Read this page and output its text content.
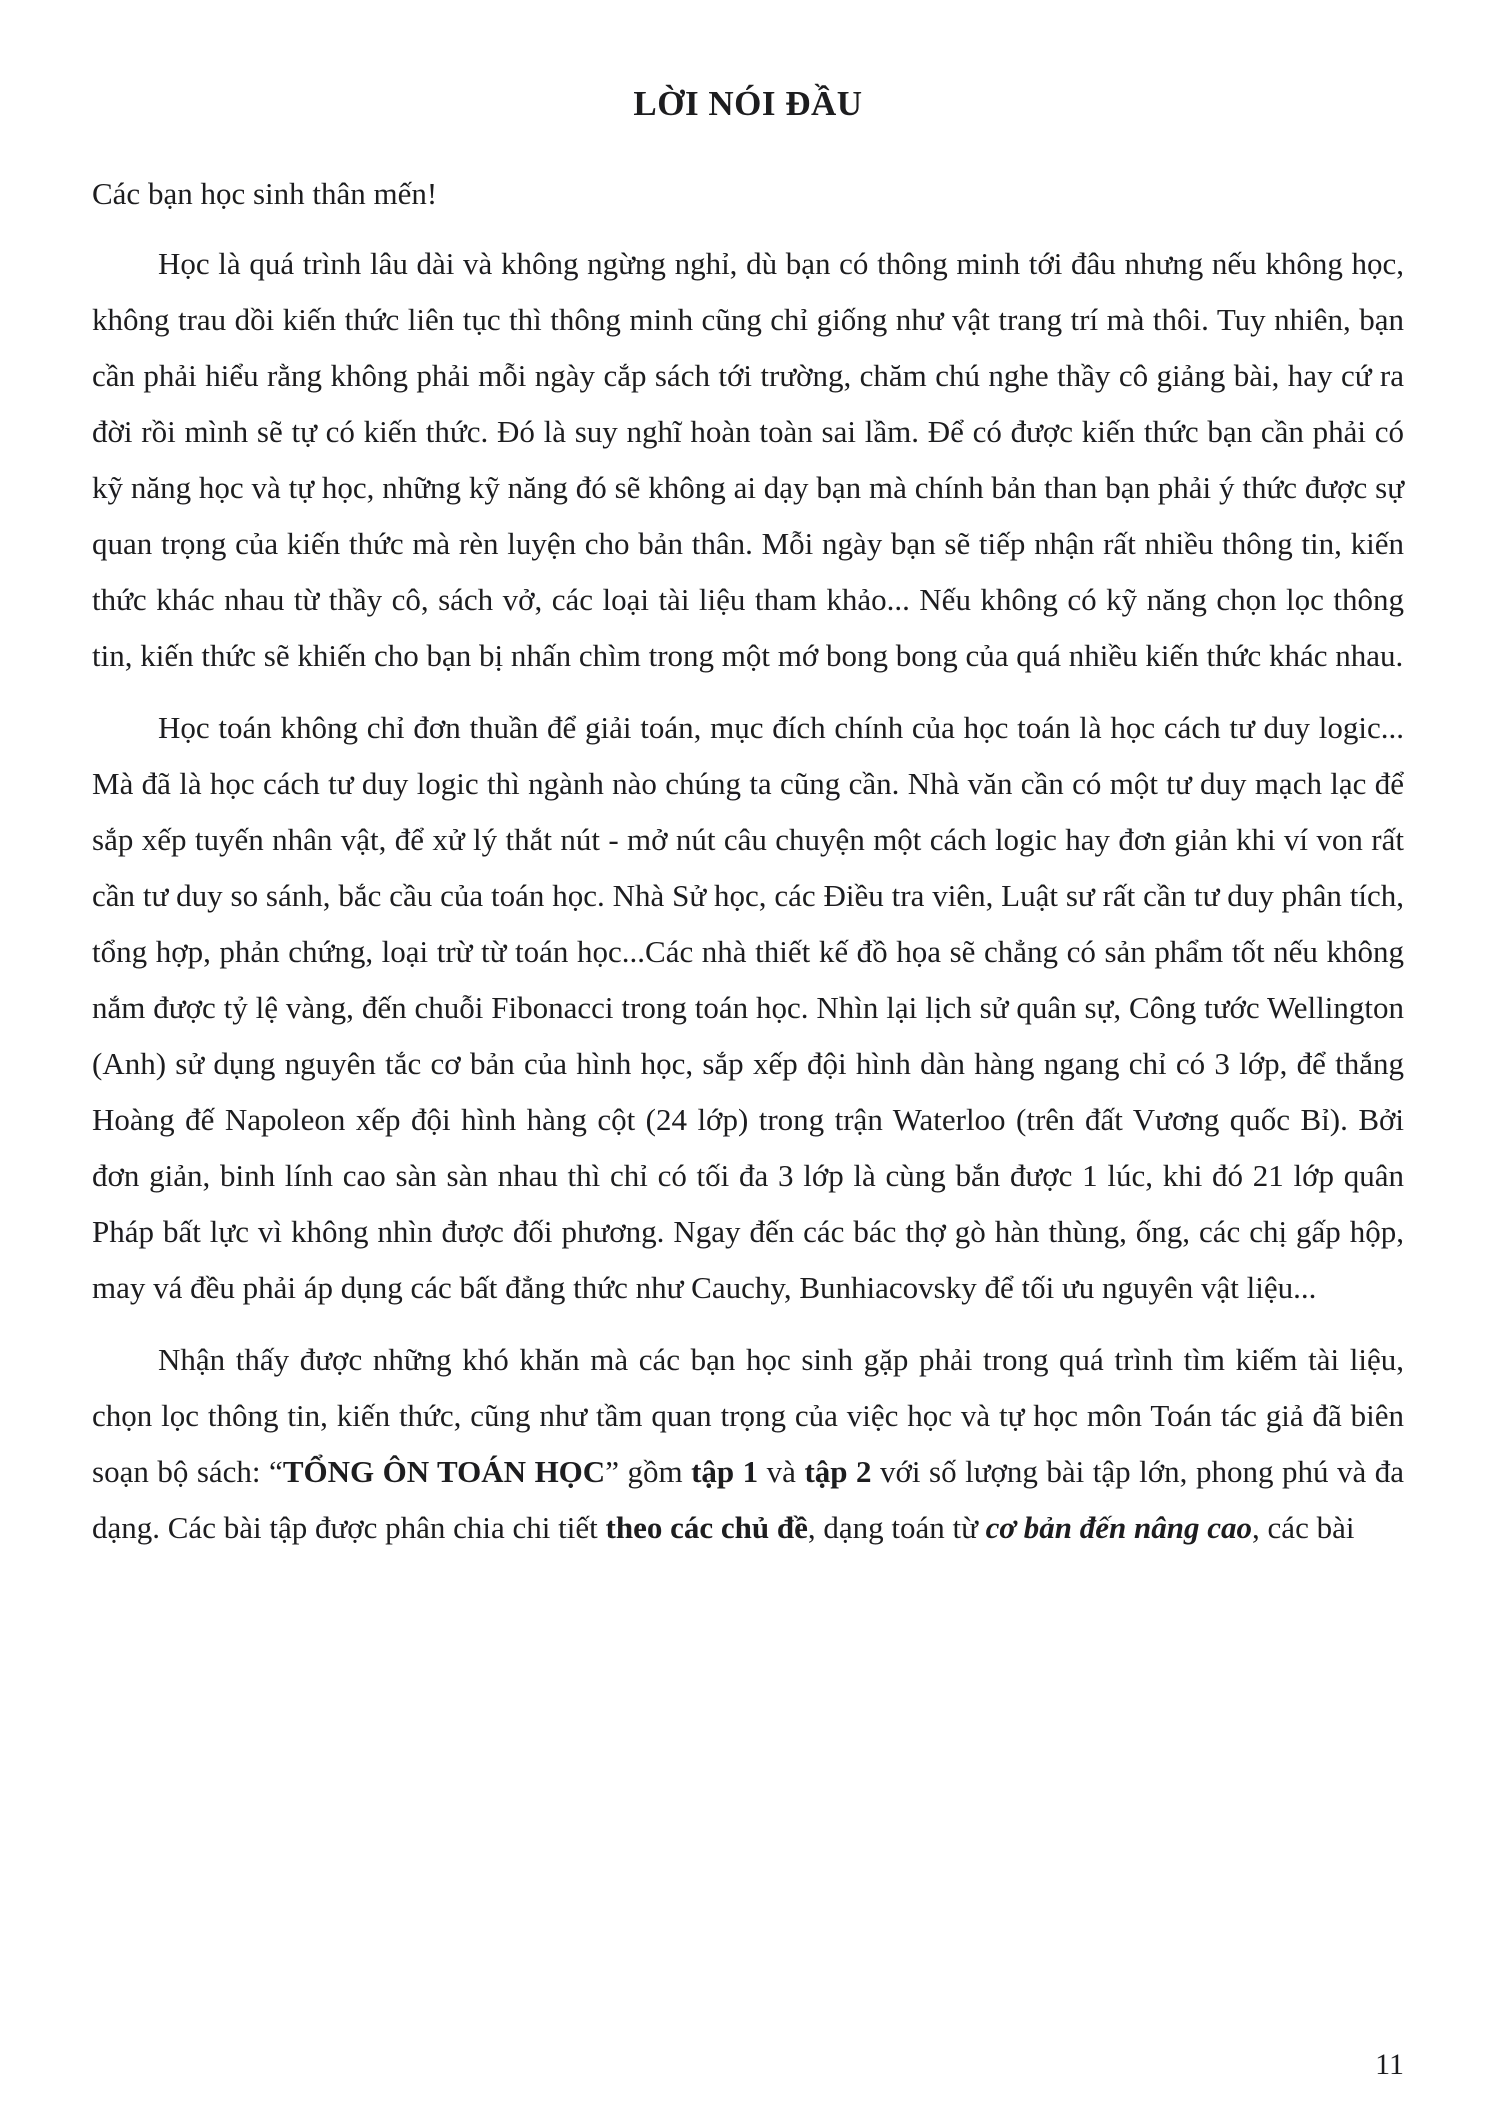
LỜI NÓI ĐẦU

Các bạn học sinh thân mến!

Học là quá trình lâu dài và không ngừng nghỉ, dù bạn có thông minh tới đâu nhưng nếu không học, không trau dồi kiến thức liên tục thì thông minh cũng chỉ giống như vật trang trí mà thôi. Tuy nhiên, bạn cần phải hiểu rằng không phải mỗi ngày cắp sách tới trường, chăm chú nghe thầy cô giảng bài, hay cứ ra đời rồi mình sẽ tự có kiến thức. Đó là suy nghĩ hoàn toàn sai lầm. Để có được kiến thức bạn cần phải có kỹ năng học và tự học, những kỹ năng đó sẽ không ai dạy bạn mà chính bản than bạn phải ý thức được sự quan trọng của kiến thức mà rèn luyện cho bản thân. Mỗi ngày bạn sẽ tiếp nhận rất nhiều thông tin, kiến thức khác nhau từ thầy cô, sách vở, các loại tài liệu tham khảo... Nếu không có kỹ năng chọn lọc thông tin, kiến thức sẽ khiến cho bạn bị nhấn chìm trong một mớ bong bong của quá nhiều kiến thức khác nhau.

Học toán không chỉ đơn thuần để giải toán, mục đích chính của học toán là học cách tư duy logic... Mà đã là học cách tư duy logic thì ngành nào chúng ta cũng cần. Nhà văn cần có một tư duy mạch lạc để sắp xếp tuyến nhân vật, để xử lý thắt nút - mở nút câu chuyện một cách logic hay đơn giản khi ví von rất cần tư duy so sánh, bắc cầu của toán học. Nhà Sử học, các Điều tra viên, Luật sư rất cần tư duy phân tích, tổng hợp, phản chứng, loại trừ từ toán học...Các nhà thiết kế đồ họa sẽ chẳng có sản phẩm tốt nếu không nắm được tỷ lệ vàng, đến chuỗi Fibonacci trong toán học. Nhìn lại lịch sử quân sự, Công tước Wellington (Anh) sử dụng nguyên tắc cơ bản của hình học, sắp xếp đội hình dàn hàng ngang chỉ có 3 lớp, để thắng Hoàng đế Napoleon xếp đội hình hàng cột (24 lớp) trong trận Waterloo (trên đất Vương quốc Bỉ). Bởi đơn giản, binh lính cao sàn sàn nhau thì chỉ có tối đa 3 lớp là cùng bắn được 1 lúc, khi đó 21 lớp quân Pháp bất lực vì không nhìn được đối phương. Ngay đến các bác thợ gò hàn thùng, ống, các chị gấp hộp, may vá đều phải áp dụng các bất đẳng thức như Cauchy, Bunhiacovsky để tối ưu nguyên vật liệu...

Nhận thấy được những khó khăn mà các bạn học sinh gặp phải trong quá trình tìm kiếm tài liệu, chọn lọc thông tin, kiến thức, cũng như tầm quan trọng của việc học và tự học môn Toán tác giả đã biên soạn bộ sách: “TỔNG ÔN TOÁN HỌC” gồm tập 1 và tập 2 với số lượng bài tập lớn, phong phú và đa dạng. Các bài tập được phân chia chi tiết theo các chủ đề, dạng toán từ cơ bản đến nâng cao, các bài

11
